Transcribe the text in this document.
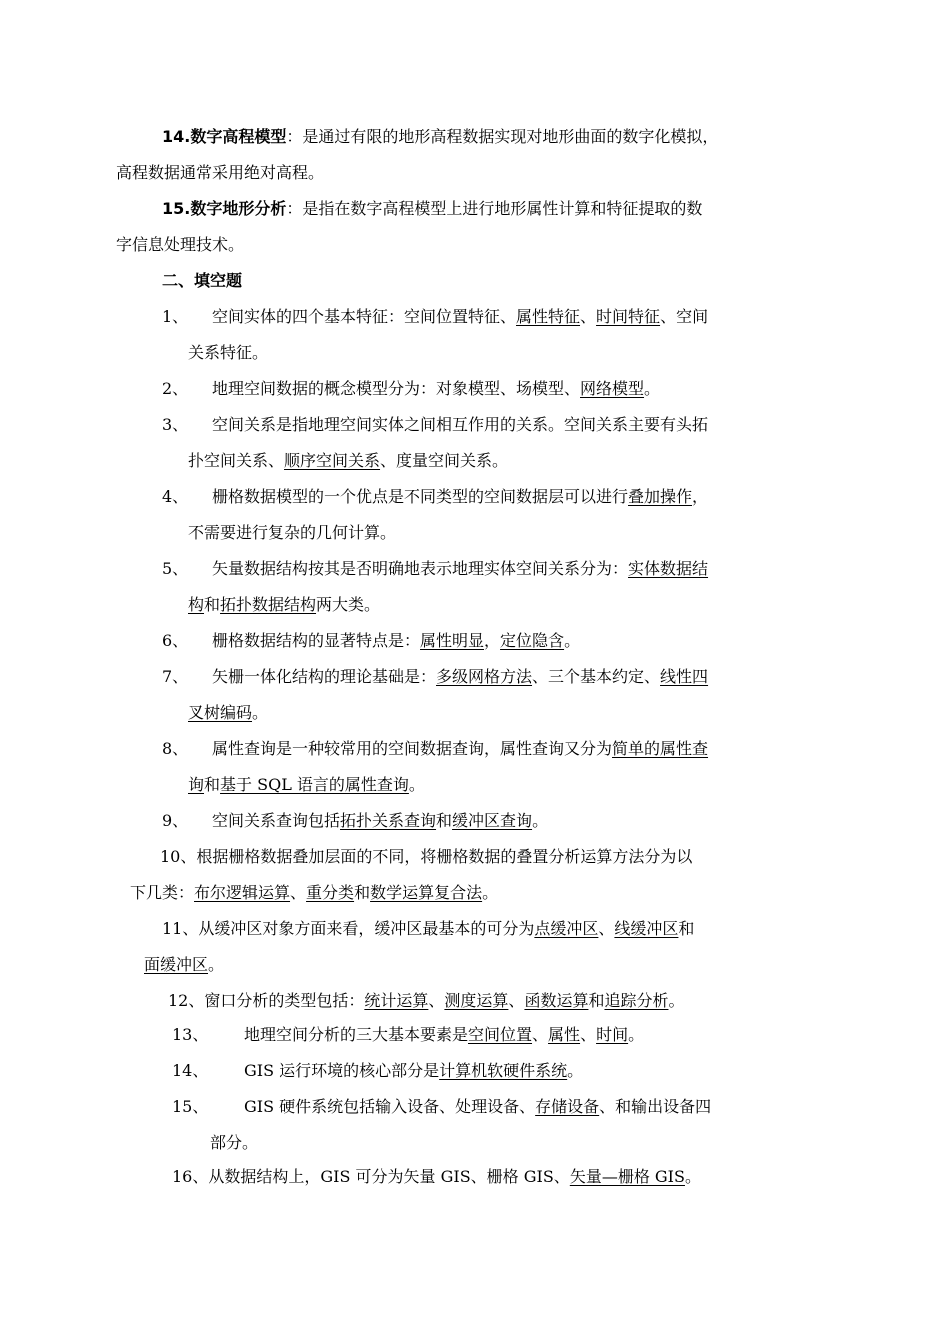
14.数字高程模型：是通过有限的地形高程数据实现对地形曲面的数字化模拟，
高程数据通常采用绝对高程。
15.数字地形分析：是指在数字高程模型上进行地形属性计算和特征提取的数
字信息处理技术。
二、填空题
1、 空间实体的四个基本特征：空间位置特征、属性特征、时间特征、空间
关系特征。
2、 地理空间数据的概念模型分为：对象模型、场模型、网络模型。
3、 空间关系是指地理空间实体之间相互作用的关系。空间关系主要有头拓
扑空间关系、顺序空间关系、度量空间关系。
4、 栅格数据模型的一个优点是不同类型的空间数据层可以进行叠加操作，
不需要进行复杂的几何计算。
5、 矢量数据结构按其是否明确地表示地理实体空间关系分为：实体数据结
构和拓扑数据结构两大类。
6、 栅格数据结构的显著特点是：属性明显，定位隐含。
7、 矢栅一体化结构的理论基础是：多级网格方法、三个基本约定、线性四
叉树编码。
8、 属性查询是一种较常用的空间数据查询，属性查询又分为简单的属性查
询和基于 SQL 语言的属性查询。
9、 空间关系查询包括拓扑关系查询和缓冲区查询。
10、根据栅格数据叠加层面的不同，将栅格数据的叠置分析运算方法分为以
下几类：布尔逻辑运算、重分类和数学运算复合法。
11、从缓冲区对象方面来看，缓冲区最基本的可分为点缓冲区、线缓冲区和
面缓冲区。
12、窗口分析的类型包括：统计运算、测度运算、函数运算和追踪分析。
13、 地理空间分析的三大基本要素是空间位置、属性、时间。
14、 GIS 运行环境的核心部分是计算机软硬件系统。
15、 GIS 硬件系统包括输入设备、处理设备、存储设备、和输出设备四
部分。
16、从数据结构上，GIS 可分为矢量 GIS、栅格 GIS、矢量—栅格 GIS。
